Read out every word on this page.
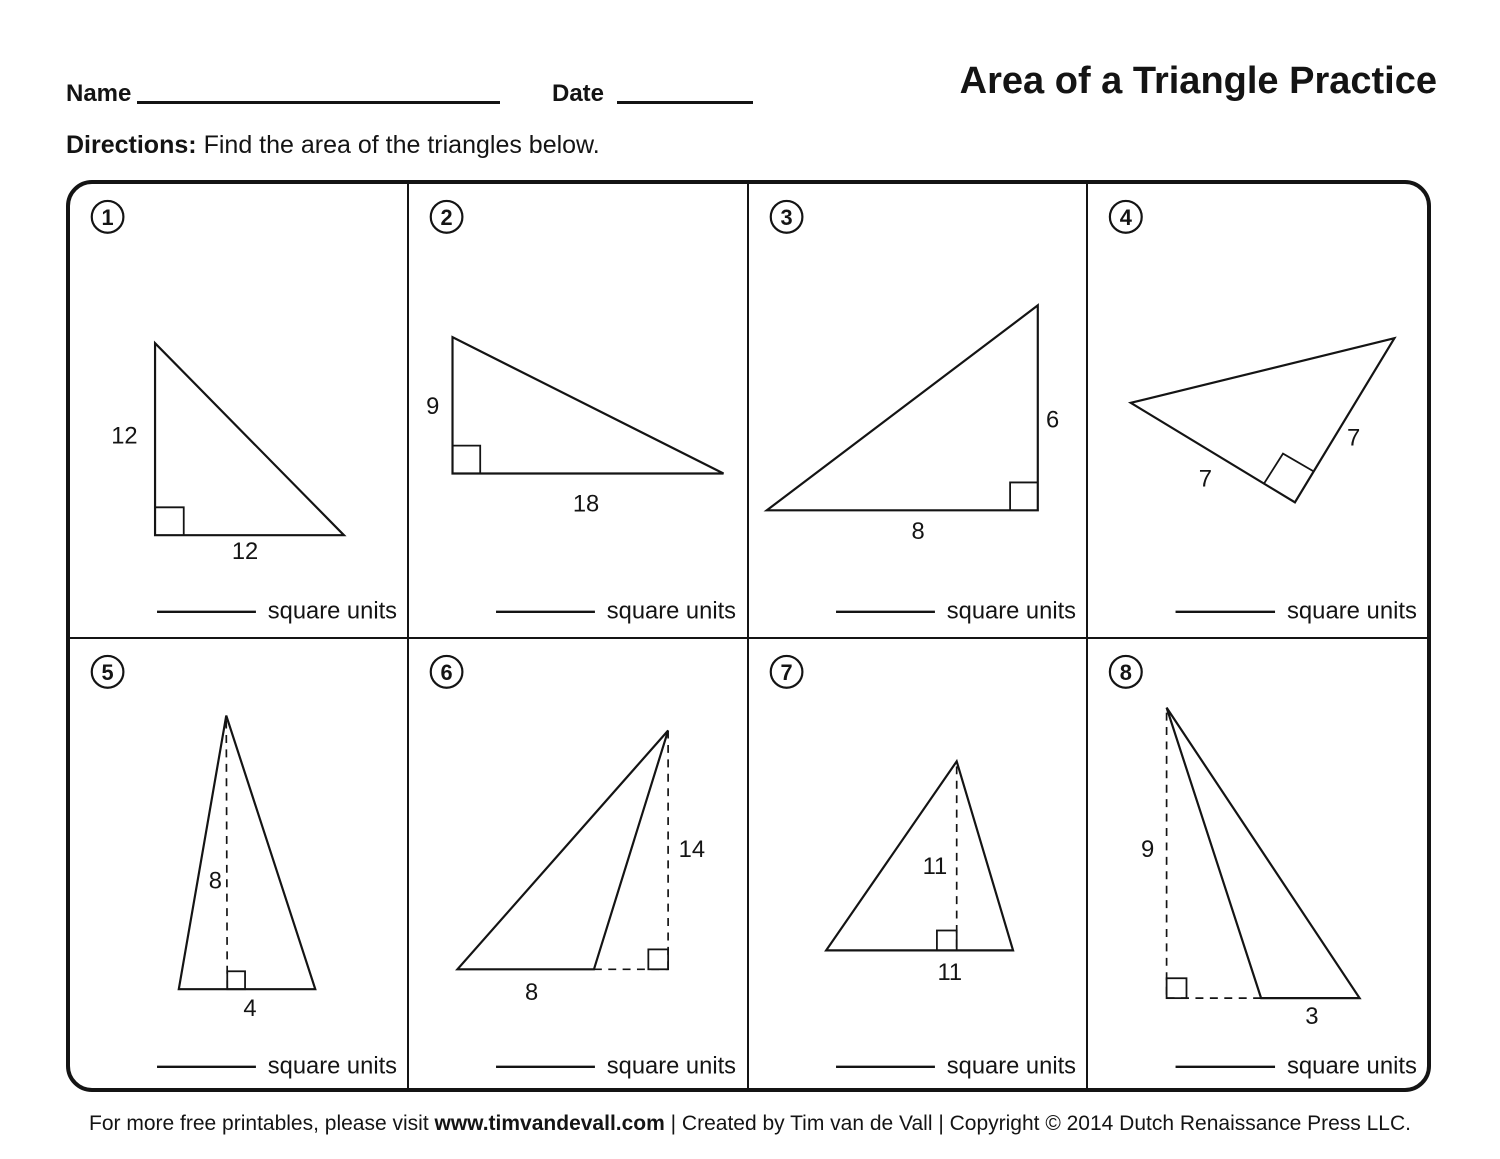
Name	Date	Area of a Triangle Practice
Directions: Find the area of the triangles below.
1
12
12
square units
2
9
18
square units
3
6
8
square units
4
7
7
square units
5
8
4
square units
6
14
8
square units
7
11
11
square units
8
9
3
square units
For more free printables, please visit www.timvandevall.com | Created by Tim van de Vall | Copyright © 2014 Dutch Renaissance Press LLC.
